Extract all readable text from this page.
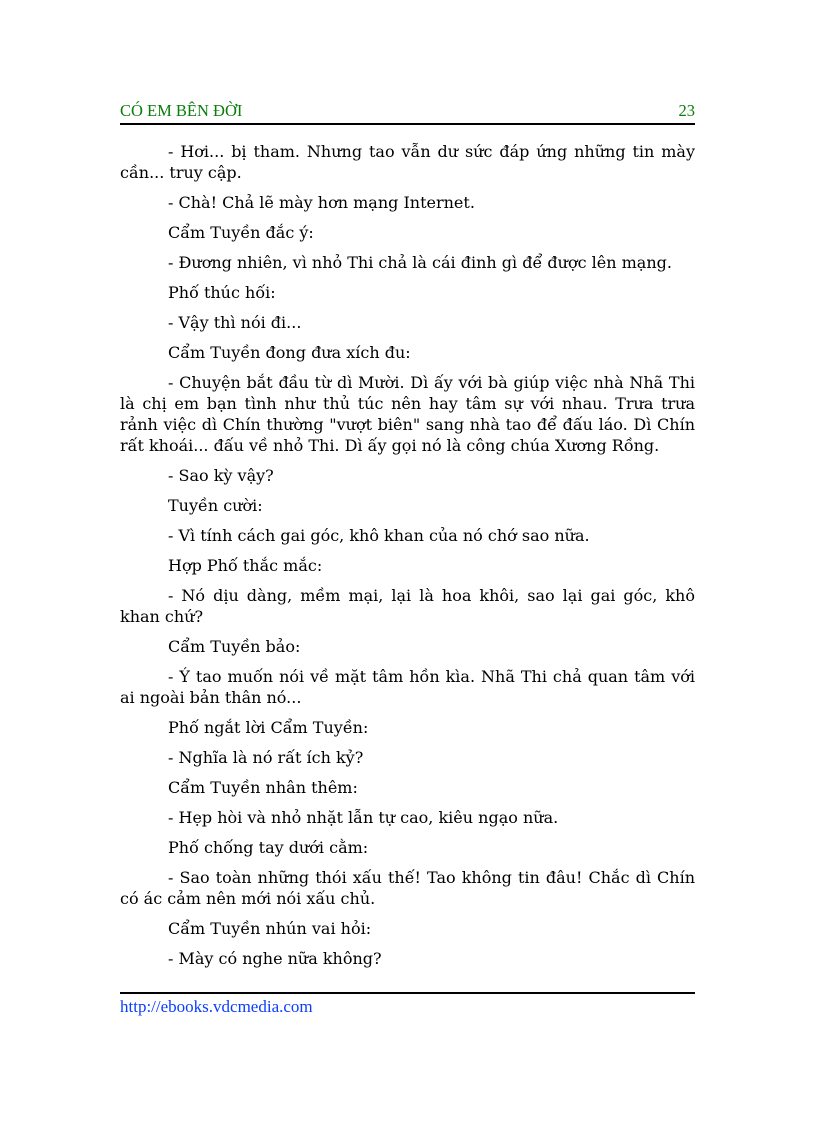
CÓ EM BÊN ĐỜI	23

- Hơi... bị tham. Nhưng tao vẫn dư sức đáp ứng những tin mày cần... truy cập.

- Chà! Chả lẽ mày hơn mạng Internet.

Cẩm Tuyền đắc ý:

- Đương nhiên, vì nhỏ Thi chả là cái đinh gì để được lên mạng.

Phố thúc hối:

- Vậy thì nói đi...

Cẩm Tuyền đong đưa xích đu:

- Chuyện bắt đầu từ dì Mười. Dì ấy với bà giúp việc nhà Nhã Thi là chị em bạn tình như thủ túc nên hay tâm sự với nhau. Trưa trưa rảnh việc dì Chín thường "vượt biên" sang nhà tao để đấu láo. Dì Chín rất khoái... đấu về nhỏ Thi. Dì ấy gọi nó là công chúa Xương Rồng.

- Sao kỳ vậy?

Tuyền cười:

- Vì tính cách gai góc, khô khan của nó chớ sao nữa.

Hợp Phố thắc mắc:

- Nó dịu dàng, mềm mại, lại là hoa khôi, sao lại gai góc, khô khan chứ?

Cẩm Tuyền bảo:

- Ý tao muốn nói về mặt tâm hồn kìa. Nhã Thi chả quan tâm với ai ngoài bản thân nó...

Phố ngắt lời Cẩm Tuyền:

- Nghĩa là nó rất ích kỷ?

Cẩm Tuyền nhân thêm:

- Hẹp hòi và nhỏ nhặt lẫn tự cao, kiêu ngạo nữa.

Phố chống tay dưới cằm:

- Sao toàn những thói xấu thế! Tao không tin đâu! Chắc dì Chín có ác cảm nên mới nói xấu chủ.

Cẩm Tuyền nhún vai hỏi:

- Mày có nghe nữa không?

http://ebooks.vdcmedia.com
